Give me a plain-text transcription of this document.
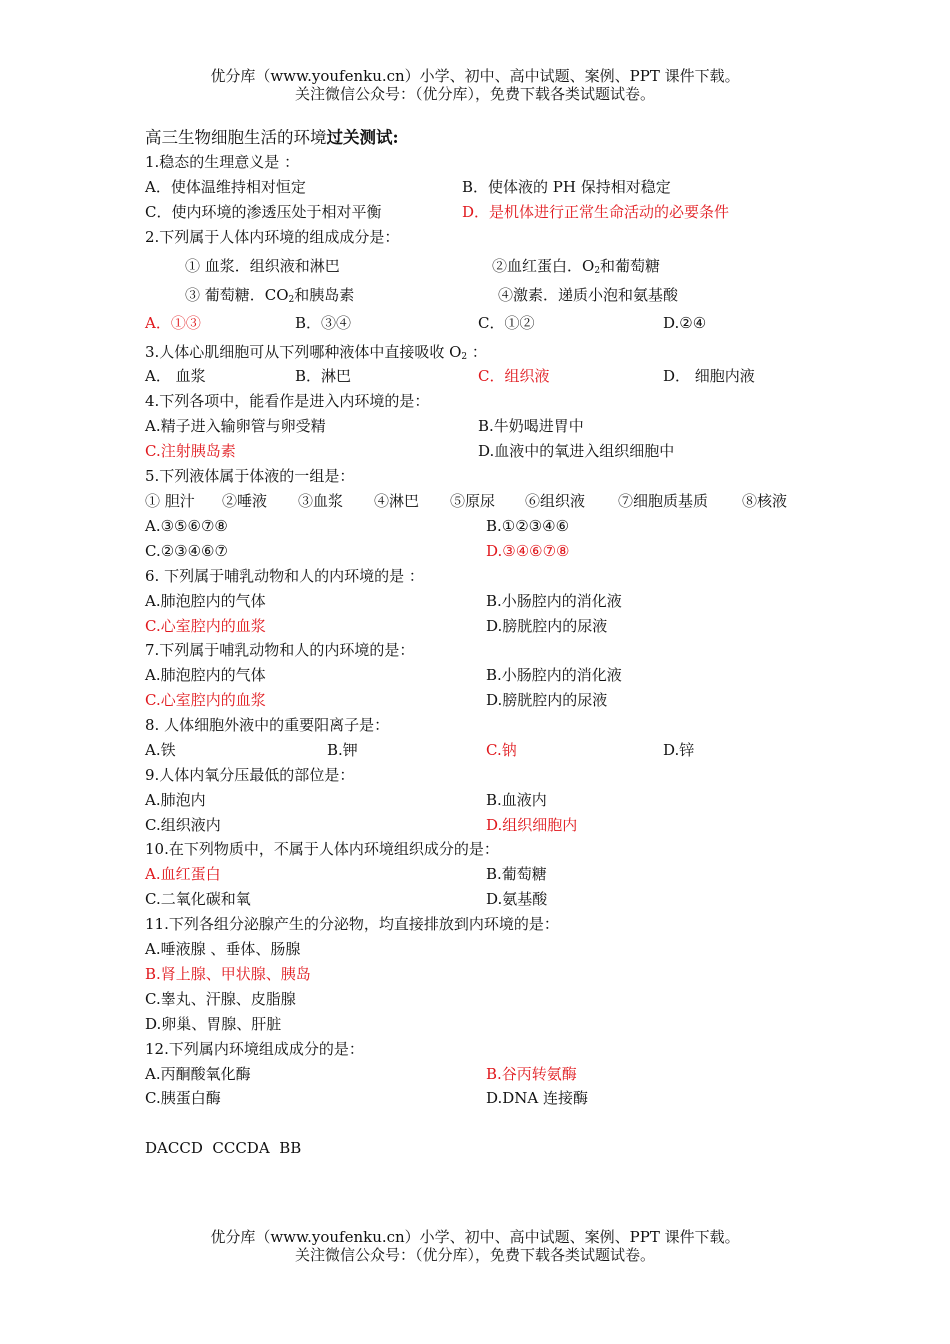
优分库（www.youfenku.cn）小学、初中、高中试题、案例、PPT 课件下载。
关注微信公众号：（优分库），免费下载各类试题试卷。
高三生物细胞生活的环境过关测试:
1.稳态的生理意义是 ：
A．使体温维持相对恒定	B．使体液的 PH 保持相对稳定
C．使内环境的渗透压处于相对平衡	D．是机体进行正常生命活动的必要条件
2.下列属于人体内环境的组成成分是：
① 血浆．组织液和淋巴	②血红蛋白．$O_2$和葡萄糖
③ 葡萄糖．$CO_2$和胰岛素	④激素．递质小泡和氨基酸
A．①③	B．③④	C．①②	D.②④
3.人体心肌细胞可从下列哪种液体中直接吸收 $O_2$ ：
A． 血浆	B．淋巴	C．组织液	D． 细胞内液
4.下列各项中，能看作是进入内环境的是：
A.精子进入输卵管与卵受精	B.牛奶喝进胃中
C.注射胰岛素	D.血液中的氧进入组织细胞中
5.下列液体属于体液的一组是：
① 胆汁 ②唾液 ③血浆 ④淋巴 ⑤原尿 ⑥组织液 ⑦细胞质基质 ⑧核液
A.③⑤⑥⑦⑧	B.①②③④⑥
C.②③④⑥⑦	D.③④⑥⑦⑧
6. 下列属于哺乳动物和人的内环境的是 ：
A.肺泡腔内的气体	B.小肠腔内的消化液
C.心室腔内的血浆	D.膀胱腔内的尿液
7.下列属于哺乳动物和人的内环境的是：
A.肺泡腔内的气体	B.小肠腔内的消化液
C.心室腔内的血浆	D.膀胱腔内的尿液
8. 人体细胞外液中的重要阳离子是：
A.铁	B.钾	C.钠	D.锌
9.人体内氧分压最低的部位是：
A.肺泡内	B.血液内
C.组织液内	D.组织细胞内
10.在下列物质中，不属于人体内环境组织成分的是：
A.血红蛋白	B.葡萄糖
C.二氧化碳和氧	D.氨基酸
11.下列各组分泌腺产生的分泌物，均直接排放到内环境的是：
A.唾液腺 、垂体、肠腺
B.肾上腺、甲状腺、胰岛
C.睾丸、汗腺、皮脂腺
D.卵巢、胃腺、肝脏
12.下列属内环境组成成分的是：
A.丙酮酸氧化酶	B.谷丙转氨酶
C.胰蛋白酶	D.DNA 连接酶
DACCD  CCCDA  BB
优分库（www.youfenku.cn）小学、初中、高中试题、案例、PPT 课件下载。
关注微信公众号：（优分库），免费下载各类试题试卷。
